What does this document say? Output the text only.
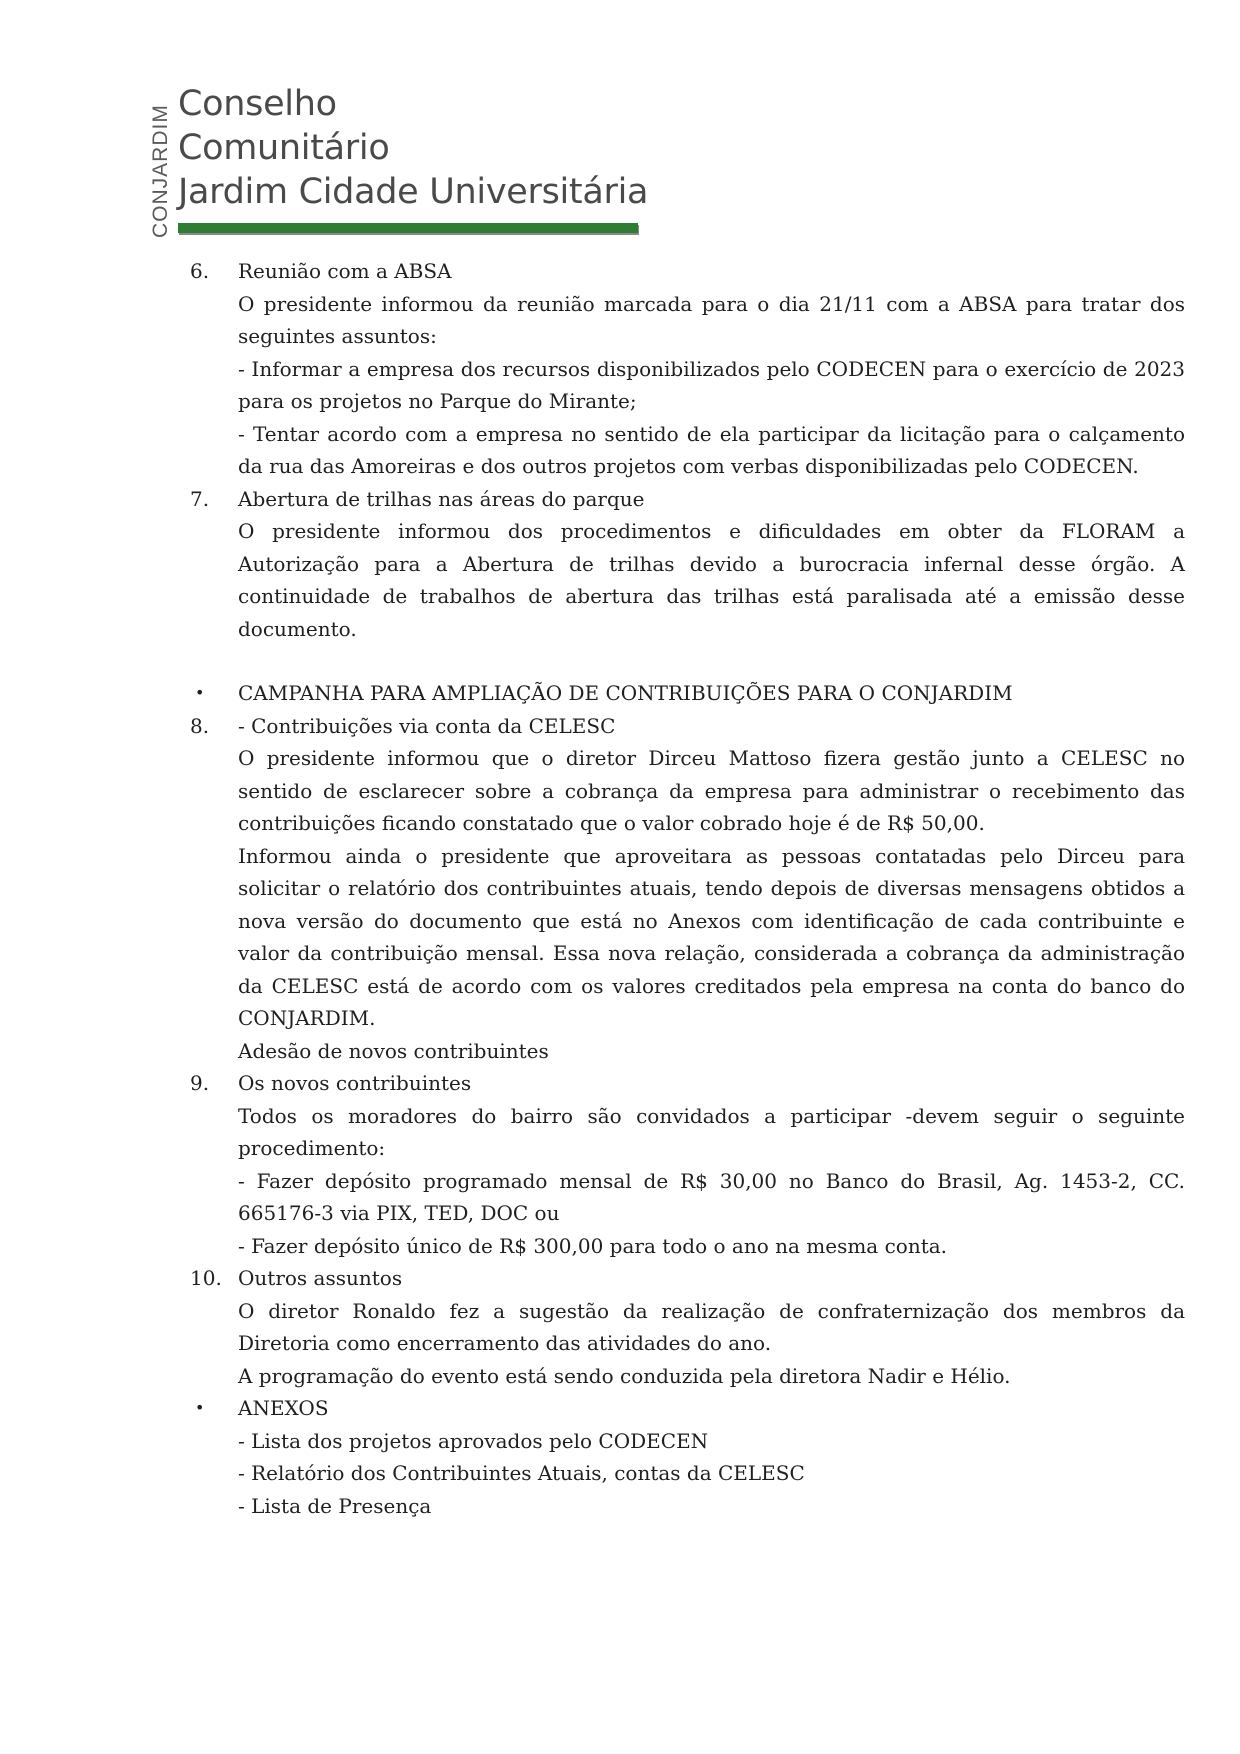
CONJARDIM
Conselho
Comunitário
Jardim Cidade Universitária
6.	Reunião com a ABSA
O presidente informou da reunião marcada para o dia 21/11 com a ABSA para tratar dos seguintes assuntos:
- Informar a empresa dos recursos disponibilizados pelo CODECEN para o exercício de 2023 para os projetos no Parque do Mirante;
- Tentar acordo com a empresa no sentido de ela participar da licitação para o calçamento da rua das Amoreiras e dos outros projetos com verbas disponibilizadas pelo CODECEN.
7.	Abertura de trilhas nas áreas do parque
O presidente informou dos procedimentos e dificuldades em obter da FLORAM a Autorização para a Abertura de trilhas devido a burocracia infernal desse órgão. A continuidade de trabalhos de abertura das trilhas está paralisada até a emissão desse documento.
•	CAMPANHA PARA AMPLIAÇÃO DE CONTRIBUIÇÕES PARA O CONJARDIM
8.	- Contribuições via conta da CELESC
O presidente informou que o diretor Dirceu Mattoso fizera gestão junto a CELESC no sentido de esclarecer sobre a cobrança da empresa para administrar o recebimento das contribuições ficando constatado que o valor cobrado hoje é de R$ 50,00.
Informou ainda o presidente que aproveitara as pessoas contatadas pelo Dirceu para solicitar o relatório dos contribuintes atuais, tendo depois de diversas mensagens obtidos a nova versão do documento que está no Anexos com identificação de cada contribuinte e valor da contribuição mensal. Essa nova relação, considerada a cobrança da administração da CELESC está de acordo com os valores creditados pela empresa na conta do banco do CONJARDIM.
Adesão de novos contribuintes
9.	Os novos contribuintes
Todos os moradores do bairro são convidados a participar -devem seguir o seguinte procedimento:
- Fazer depósito programado mensal de R$ 30,00 no Banco do Brasil, Ag. 1453-2, CC. 665176-3 via PIX, TED, DOC ou
- Fazer depósito único de R$ 300,00 para todo o ano na mesma conta.
10. Outros assuntos
O diretor Ronaldo fez a sugestão da realização de confraternização dos membros da Diretoria como encerramento das atividades do ano.
A programação do evento está sendo conduzida pela diretora Nadir e Hélio.
•	ANEXOS
- Lista dos projetos aprovados pelo CODECEN
- Relatório dos Contribuintes Atuais, contas da CELESC
- Lista de Presença
